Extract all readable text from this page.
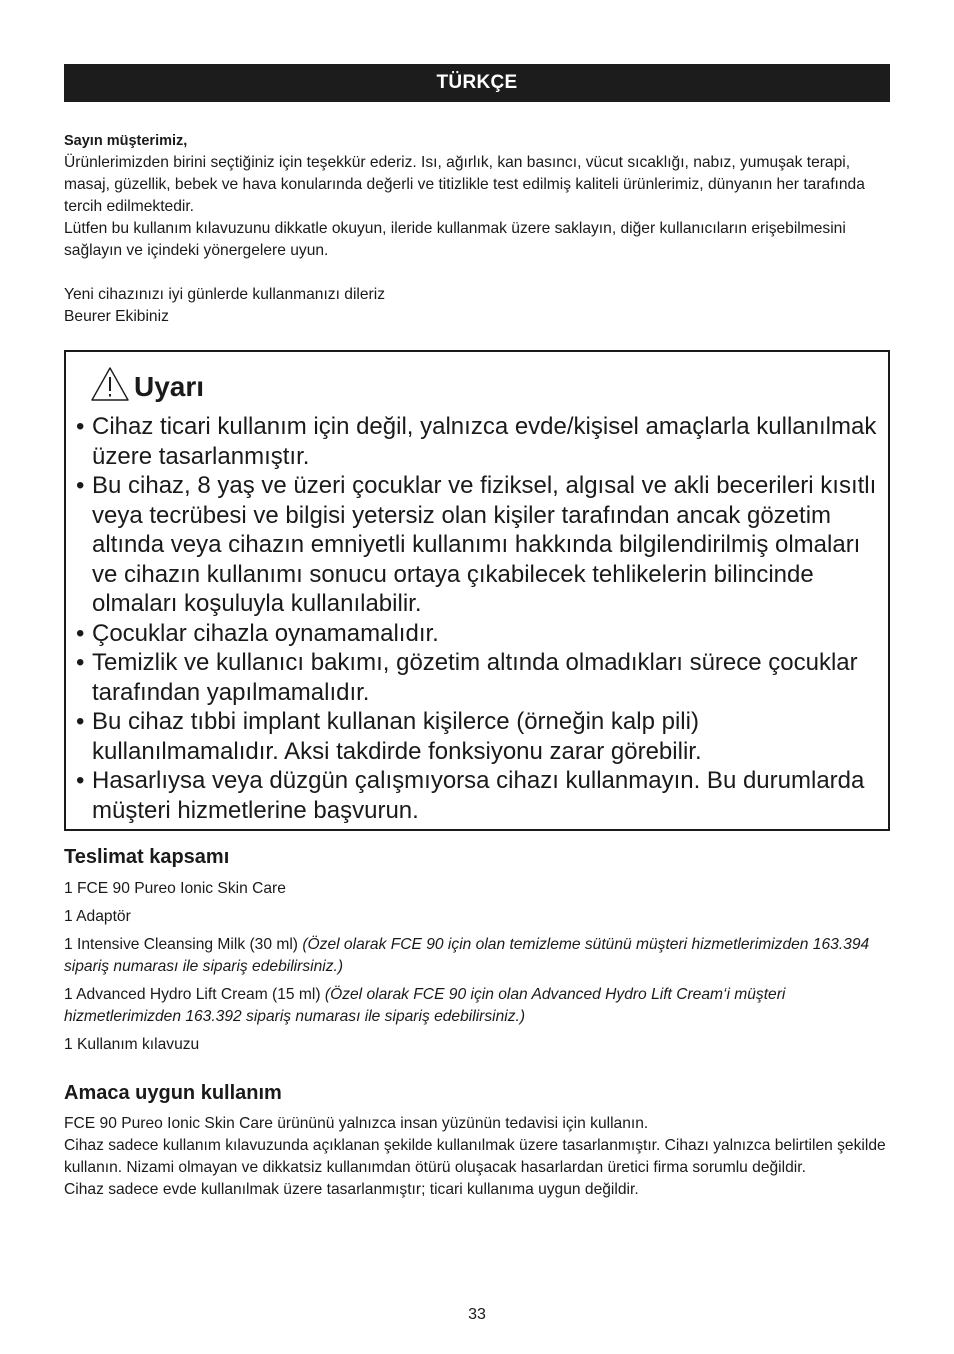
TÜRKÇE

Sayın müşterimiz,

Ürünlerimizden birini seçtiğiniz için teşekkür ederiz. Isı, ağırlık, kan basıncı, vücut sıcaklığı, nabız, yumuşak terapi, masaj, güzellik, bebek ve hava konularında değerli ve titizlikle test edilmiş kaliteli ürünlerimiz, dünyanın her tarafında tercih edilmektedir.

Lütfen bu kullanım kılavuzunu dikkatle okuyun, ileride kullanmak üzere saklayın, diğer kullanıcıların erişebilmesini sağlayın ve içindeki yönergelere uyun.

Yeni cihazınızı iyi günlerde kullanmanızı dileriz

Beurer Ekibiniz

Uyarı
• Cihaz ticari kullanım için değil, yalnızca evde/kişisel amaçlarla kullanılmak üzere tasarlanmıştır.
• Bu cihaz, 8 yaş ve üzeri çocuklar ve fiziksel, algısal ve akli becerileri kısıtlı veya tecrübesi ve bilgisi yetersiz olan kişiler tarafından ancak gözetim altında veya cihazın emniyetli kullanımı hakkında bilgilendirilmiş olmaları ve cihazın kullanımı sonucu ortaya çıkabilecek tehlikelerin bilincinde olmaları koşuluyla kullanılabilir.
• Çocuklar cihazla oynamamalıdır.
• Temizlik ve kullanıcı bakımı, gözetim altında olmadıkları sürece çocuklar tarafından yapılmamalıdır.
• Bu cihaz tıbbi implant kullanan kişilerce (örneğin kalp pili) kullanılmamalıdır. Aksi takdirde fonksiyonu zarar görebilir.
• Hasarlıysa veya düzgün çalışmıyorsa cihazı kullanmayın. Bu durumlarda müşteri hizmetlerine başvurun.
Teslimat kapsamı

1 FCE 90 Pureo Ionic Skin Care

1 Adaptör

1 Intensive Cleansing Milk (30 ml) (Özel olarak FCE 90 için olan temizleme sütünü müşteri hizmetlerimizden 163.394 sipariş numarası ile sipariş edebilirsiniz.)

1 Advanced Hydro Lift Cream (15 ml) (Özel olarak FCE 90 için olan Advanced Hydro Lift Cream‘i müşteri hizmetlerimizden 163.392 sipariş numarası ile sipariş edebilirsiniz.)

1 Kullanım kılavuzu

Amaca uygun kullanım

FCE 90 Pureo Ionic Skin Care ürününü yalnızca insan yüzünün tedavisi için kullanın.

Cihaz sadece kullanım kılavuzunda açıklanan şekilde kullanılmak üzere tasarlanmıştır. Cihazı yalnızca belirtilen şekilde kullanın. Nizami olmayan ve dikkatsiz kullanımdan ötürü oluşacak hasarlardan üretici firma sorumlu değildir.

Cihaz sadece evde kullanılmak üzere tasarlanmıştır; ticari kullanıma uygun değildir.

33
